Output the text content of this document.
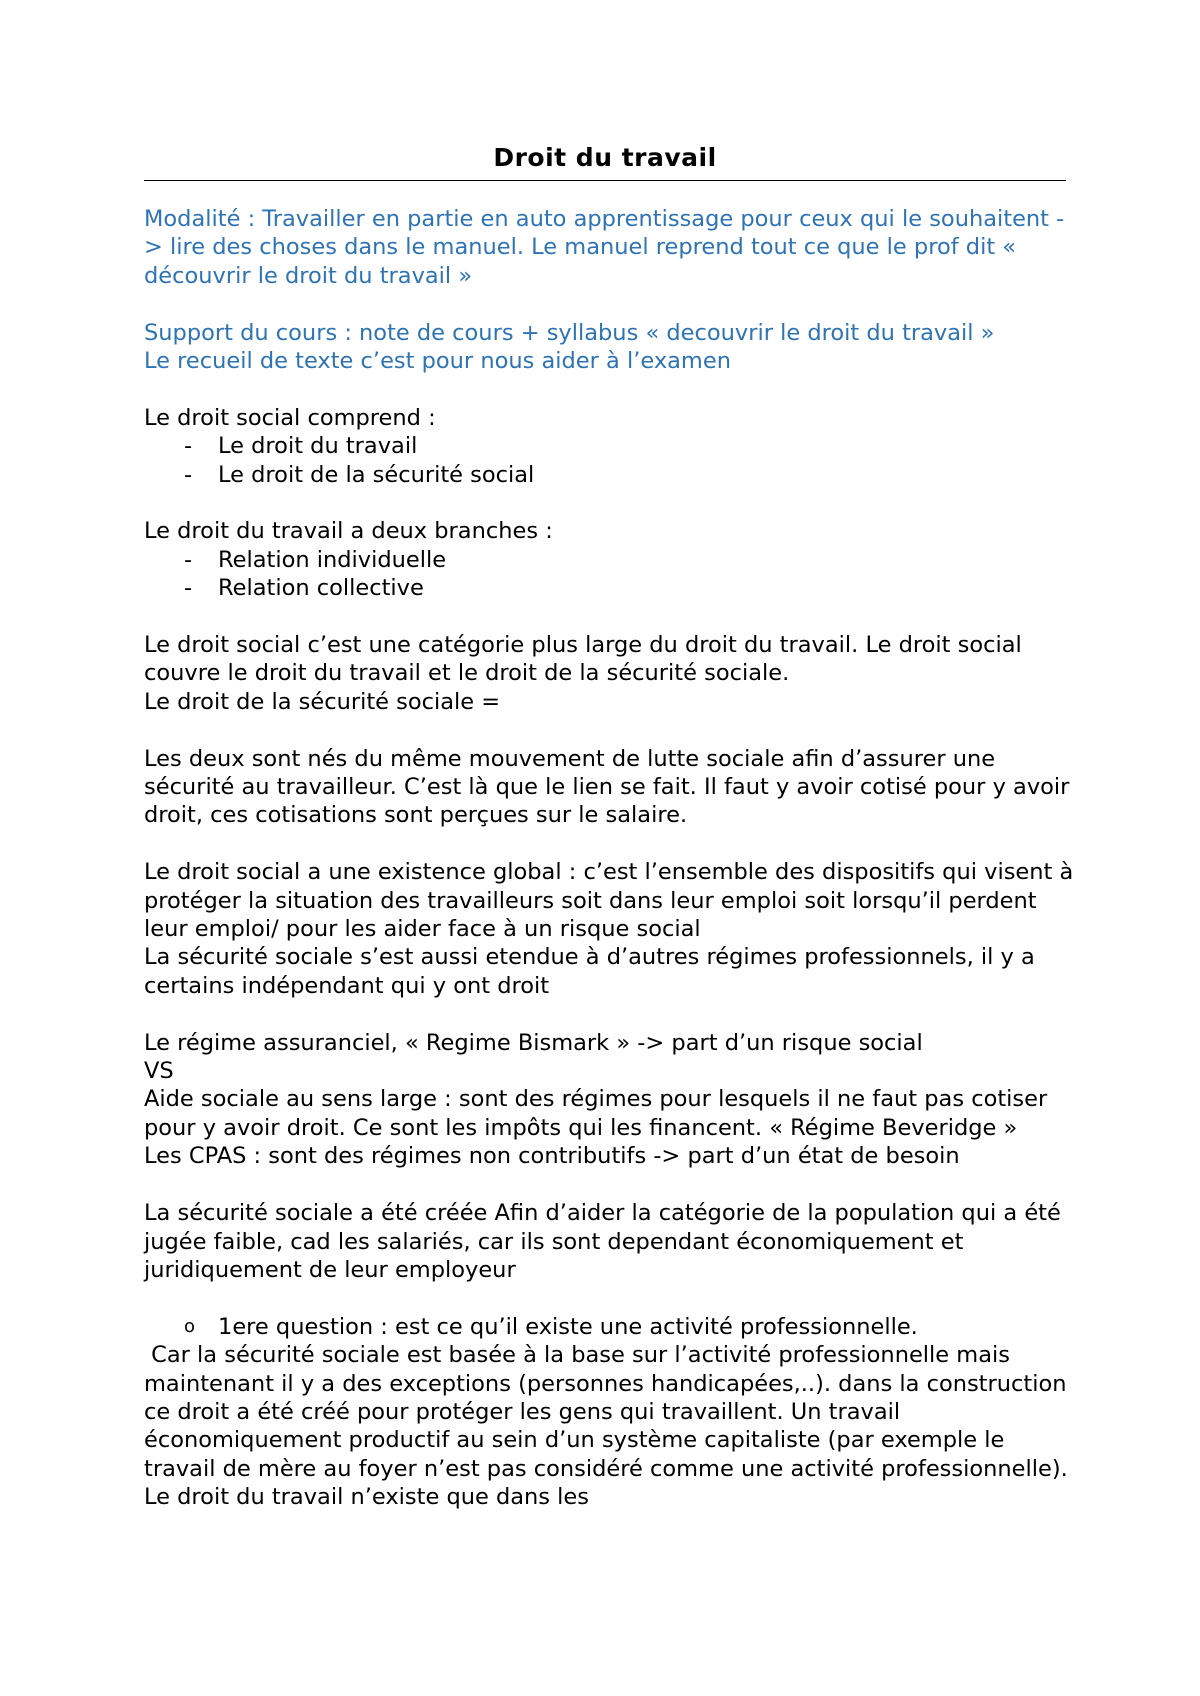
Droit du travail

Modalité : Travailler en partie en auto apprentissage pour ceux qui le souhaitent -> lire des choses dans le manuel. Le manuel reprend tout ce que le prof dit « découvrir le droit du travail »

Support du cours : note de cours + syllabus « decouvrir le droit du travail »

Le recueil de texte c’est pour nous aider à l’examen

Le droit social comprend :

- Le droit du travail
- Le droit de la sécurité social

Le droit du travail a deux branches :

- Relation individuelle
- Relation collective

Le droit social c’est une catégorie plus large du droit du travail. Le droit social couvre le droit du travail et le droit de la sécurité sociale.

Le droit de la sécurité sociale =

Les deux sont nés du même mouvement de lutte sociale afin d’assurer une sécurité au travailleur. C’est là que le lien se fait. Il faut y avoir cotisé pour y avoir droit, ces cotisations sont perçues sur le salaire.

Le droit social a une existence global : c’est l’ensemble des dispositifs qui visent à protéger la situation des travailleurs soit dans leur emploi soit lorsqu’il perdent leur emploi/ pour les aider face à un risque social

La sécurité sociale s’est aussi etendue à d’autres régimes professionnels, il y a certains indépendant qui y ont droit

Le régime assuranciel, « Regime Bismark » -> part d’un risque social

VS

Aide sociale au sens large : sont des régimes pour lesquels il ne faut pas cotiser pour y avoir droit. Ce sont les impôts qui les financent. « Régime Beveridge »

Les CPAS : sont des régimes non contributifs -> part d’un état de besoin

La sécurité sociale a été créée Afin d’aider la catégorie de la population qui a été jugée faible, cad les salariés, car ils sont dependant économiquement et juridiquement de leur employeur

o 1ere question : est ce qu’il existe une activité professionnelle.

Car la sécurité sociale est basée à la base sur l’activité professionnelle mais maintenant il y a des exceptions (personnes handicapées,..). dans la construction ce droit a été créé pour protéger les gens qui travaillent. Un travail économiquement productif au sein d’un système capitaliste (par exemple le travail de mère au foyer n’est pas considéré comme une activité professionnelle). Le droit du travail n’existe que dans les
